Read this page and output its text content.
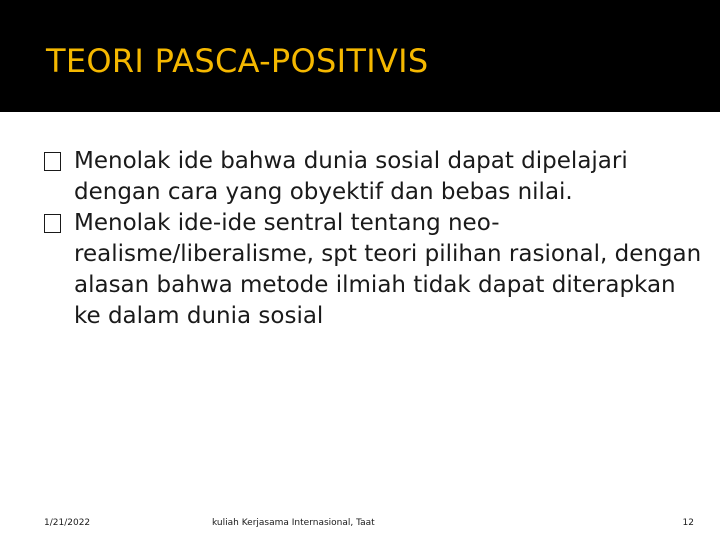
TEORI PASCA-POSITIVIS

Menolak ide bahwa dunia sosial dapat dipelajari dengan cara yang obyektif dan bebas nilai.

Menolak ide-ide sentral tentang neo-realisme/liberalisme, spt teori pilihan rasional, dengan alasan bahwa metode ilmiah tidak dapat diterapkan ke dalam dunia sosial

1/21/2022	kuliah Kerjasama Internasional, Taat	12
